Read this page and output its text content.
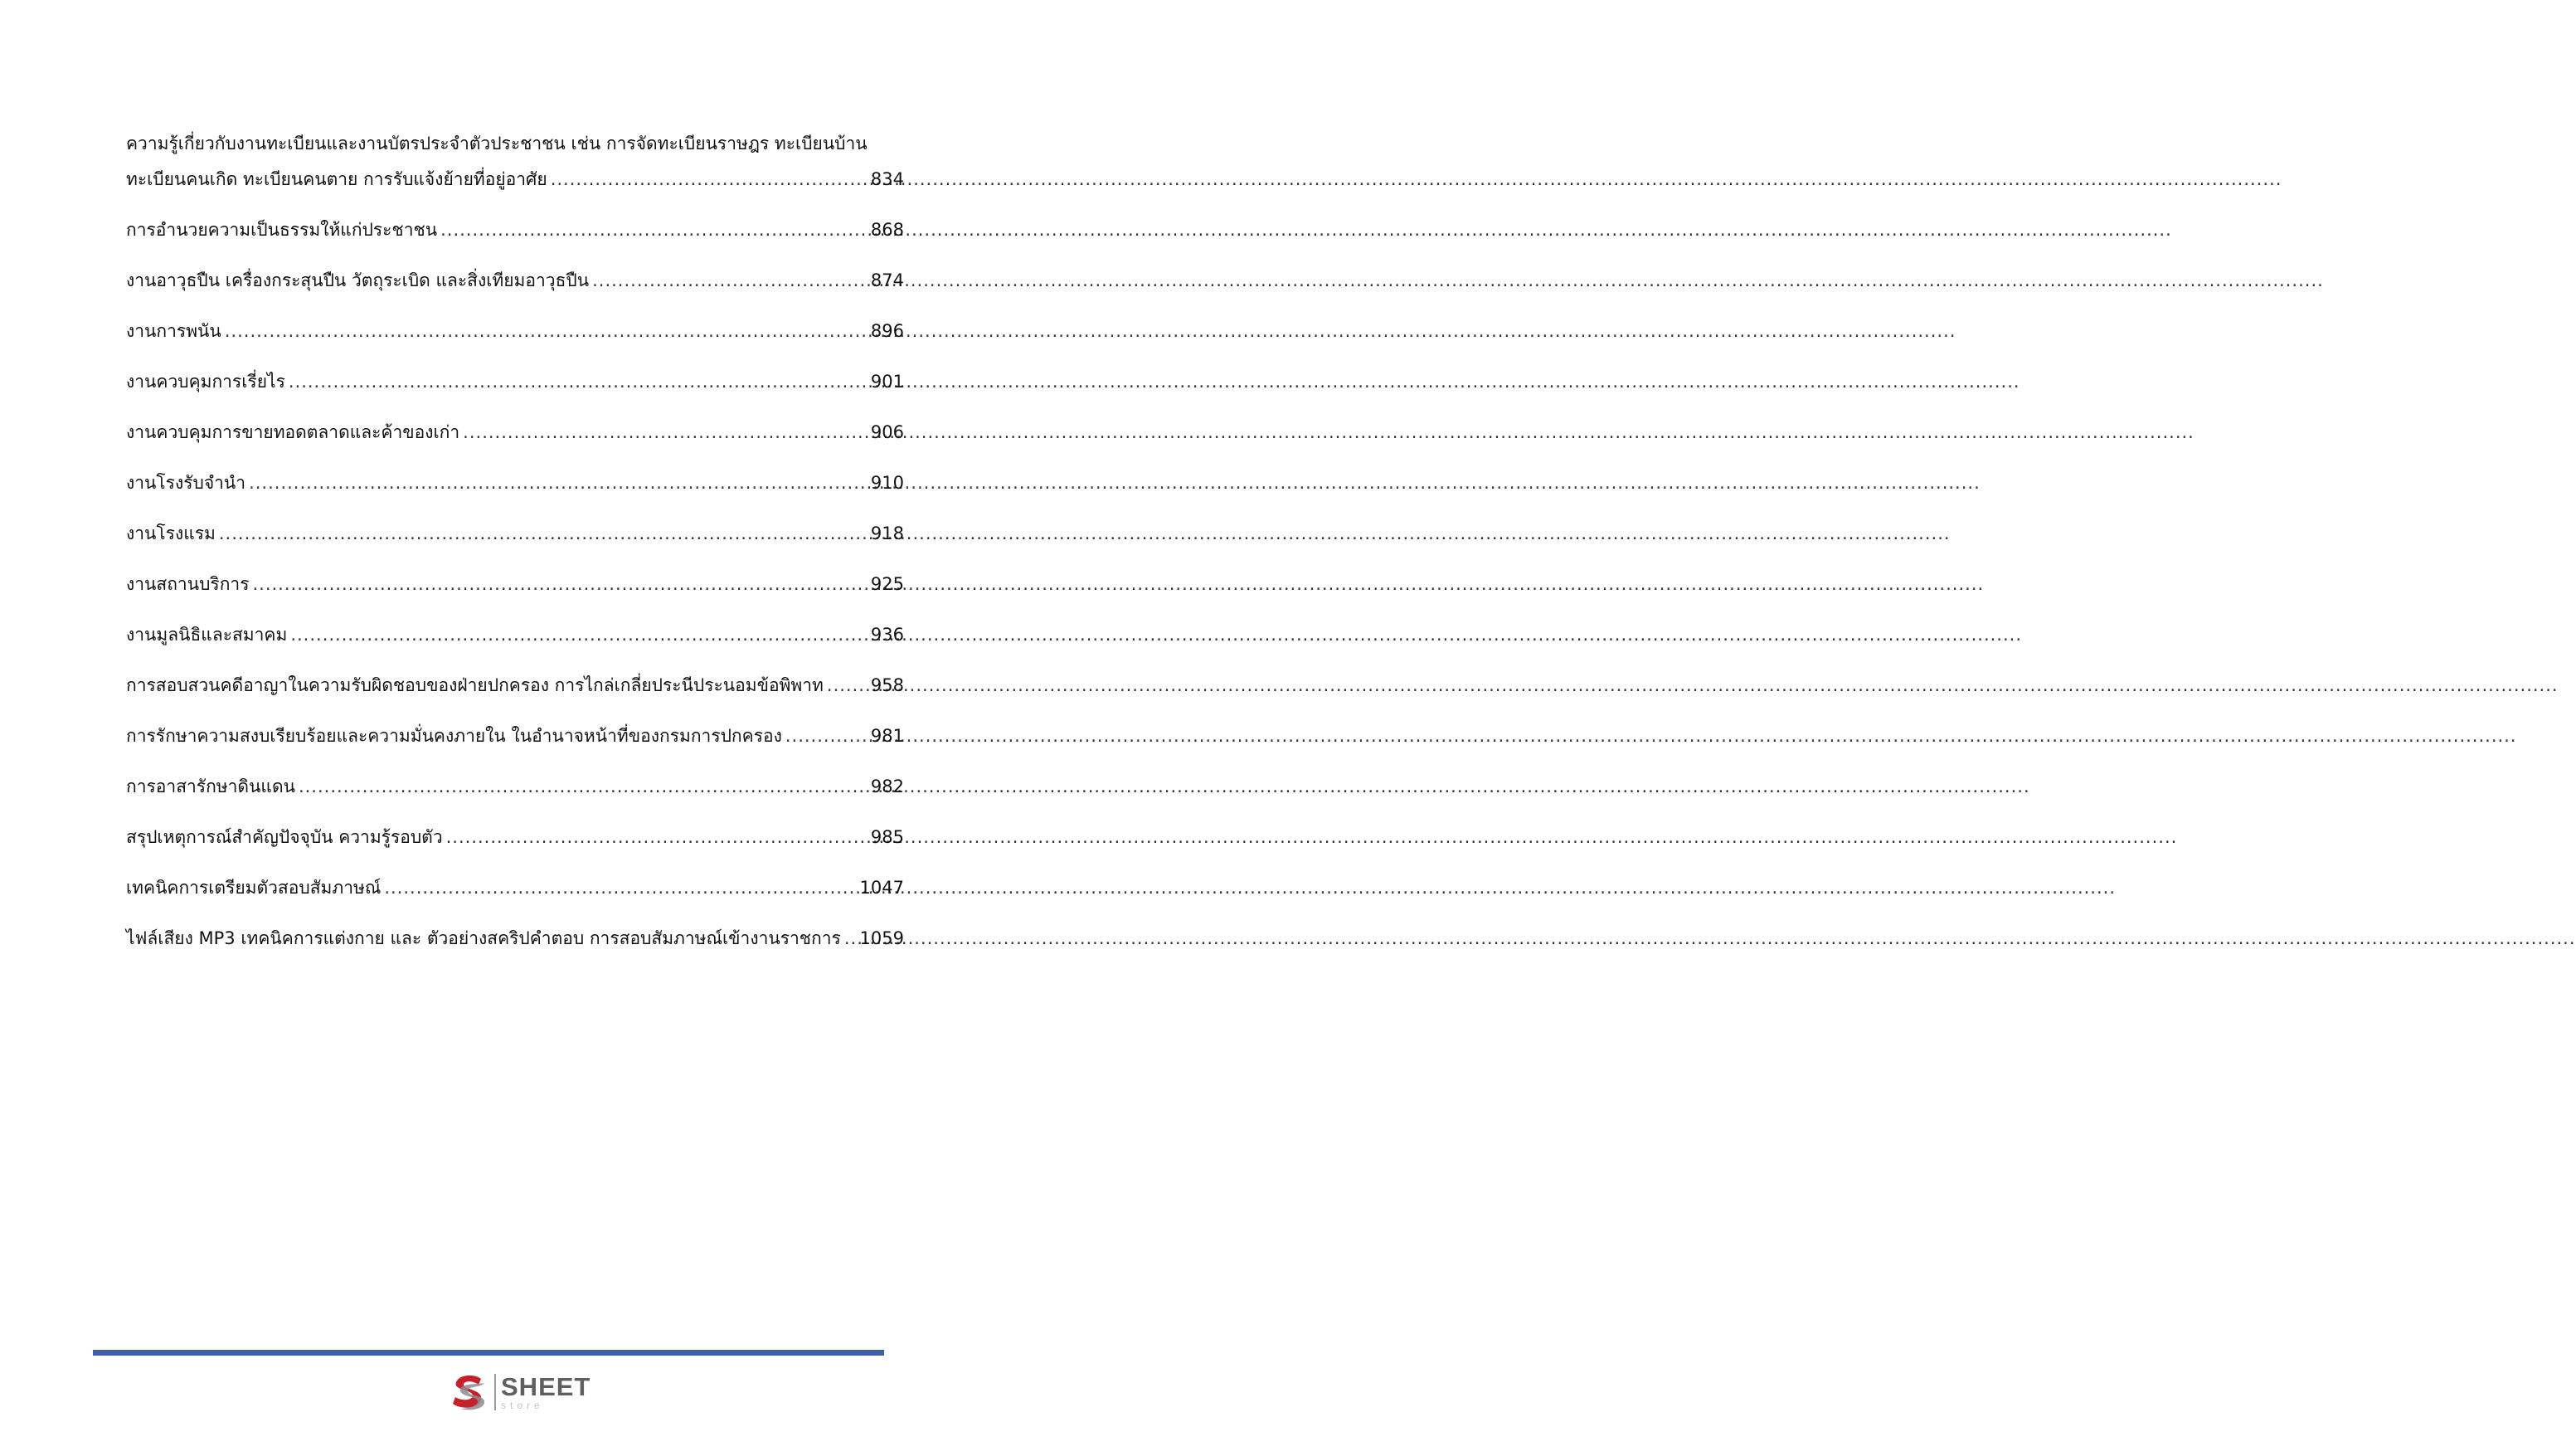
ความรู้เกี่ยวกับงานทะเบียนและงานบัตรประจำตัวประชาชน เช่น การจัดทะเบียนราษฎร ทะเบียนบ้าน
ทะเบียนคนเกิด ทะเบียนคนตาย การรับแจ้งย้ายที่อยู่อาศัย .....	834
การอำนวยความเป็นธรรมให้แก่ประชาชน .....	868
งานอาวุธปืน เครื่องกระสุนปืน วัตถุระเบิด และสิ่งเทียมอาวุธปืน .....	874
งานการพนัน .....	896
งานควบคุมการเรี่ยไร .....	901
งานควบคุมการขายทอดตลาดและค้าของเก่า .....	906
งานโรงรับจำนำ .....	910
งานโรงแรม .....	918
งานสถานบริการ .....	925
งานมูลนิธิและสมาคม .....	936
การสอบสวนคดีอาญาในความรับผิดชอบของฝ่ายปกครอง การไกล่เกลี่ยประนีประนอมข้อพิพาท .....	958
การรักษาความสงบเรียบร้อยและความมั่นคงภายใน ในอำนาจหน้าที่ของกรมการปกครอง .....	981
การอาสารักษาดินแดน .....	982
สรุปเหตุการณ์สำคัญปัจจุบัน ความรู้รอบตัว .....	985
เทคนิคการเตรียมตัวสอบสัมภาษณ์ .....	1047
ไฟล์เสียง MP3 เทคนิคการแต่งกาย และ ตัวอย่างสคริปคำตอบ การสอบสัมภาษณ์เข้างานราชการ ..... 1059
SHEET
store
